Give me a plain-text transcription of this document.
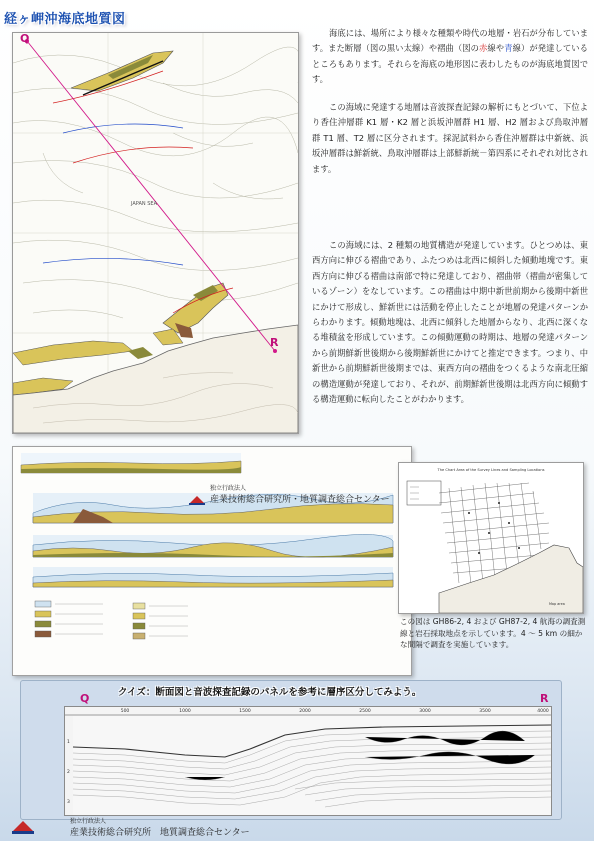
経ヶ岬沖海底地質図
JAPAN SEA
Q
R

海底には、場所により様々な種類や時代の地層・岩石が分布しています。また断層（図の黒い太線）や褶曲（図の赤線や青線）が発達しているところもあります。それらを海底の地形図に表わしたものが海底地質図です。

この海域に発達する地層は音波探査記録の解析にもとづいて、下位より香住沖層群 K1 層・K2 層と浜坂沖層群 H1 層、H2 層および鳥取沖層群 T1 層、T2 層に区分されます。採泥試料から香住沖層群は中新統、浜坂沖層群は鮮新統、鳥取沖層群は上部鮮新統－第四系にそれぞれ対比されます。

この海域には、2 種類の地質構造が発達しています。ひとつめは、東西方向に伸びる褶曲であり、ふたつめは北西に傾斜した傾動地塊です。東西方向に伸びる褶曲は南部で特に発達しており、褶曲帯（褶曲が密集しているゾーン）をなしています。この褶曲は中期中新世前期から後期中新世にかけて形成し、鮮新世には活動を停止したことが地層の発達パターンからわかります。傾動地塊は、北西に傾斜した地層からなり、北西に深くなる堆積盆を形成しています。この傾動運動の時期は、地層の発達パターンから前期鮮新世後期から後期鮮新世にかけてと推定できます。つまり、中新世から前期鮮新世後期までは、東西方向の褶曲をつくるような南北圧縮の構造運動が発達しており、それが、前期鮮新世後期は北西方向に傾動する構造運動に転向したことがわかります。

独立行政法人
産業技術総合研究所・地質調査総合センター
The Chart Area of the Survey Lines and Sampling Locations
Map area

この図は GH86-2, 4 および GH87-2, 4 航海の調査測線と岩石採取地点を示しています。4 ～ 5 km の細かな間隔で調査を実施しています。

クイズ：断面図と音波探査記録のパネルを参考に層序区分してみよう。
Q	R
500	1000	1500	2000	2500	3000	3500	4000
1
2
3
独立行政法人
産業技術総合研究所　 地質調査総合センター
